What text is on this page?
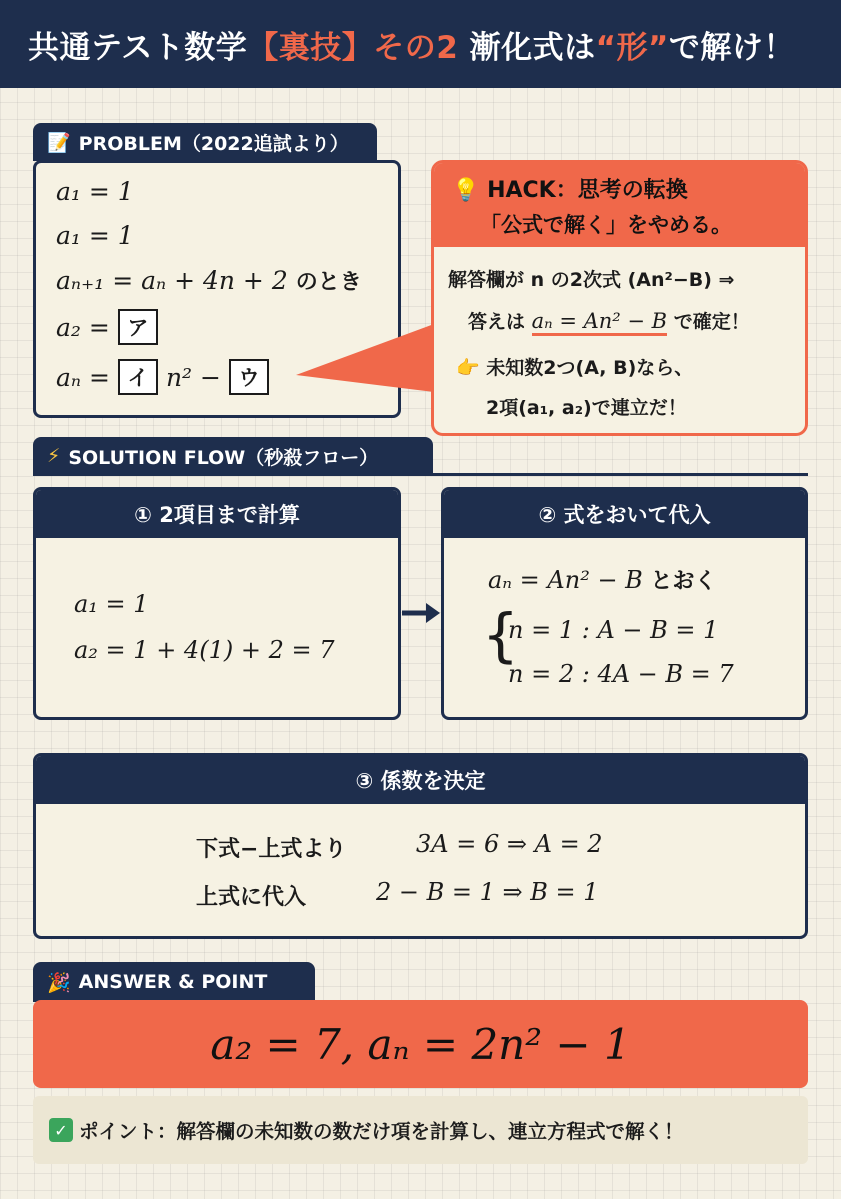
共通テスト数学【裏技】その2 漸化式は“形”で解け！
📝 PROBLEM（2022追試より）
a₁ = 1
a₁ = 1
aₙ₊₁ = aₙ + 4n + 2 のとき
a₂ = ア
aₙ = イ n² − ウ
💡 HACK：思考の転換
「公式で解く」をやめる。
解答欄が n の2次式 (An²−B) ⇒
答えは aₙ = An² − B で確定！
👉 未知数2つ(A, B)なら、
2項(a₁, a₂)で連立だ！
⚡ SOLUTION FLOW（秒殺フロー）
① 2項目まで計算
a₁ = 1
a₂ = 1 + 4(1) + 2 = 7
② 式をおいて代入
aₙ = An² − B とおく
{
n = 1 : A − B = 1
n = 2 : 4A − B = 7
③ 係数を決定
下式−上式より	3A = 6 ⇒ A = 2
上式に代入	2 − B = 1 ⇒ B = 1
🎉 ANSWER & POINT
a₂ = 7, aₙ = 2n² − 1
✓ ポイント：解答欄の未知数の数だけ項を計算し、連立方程式で解く！
